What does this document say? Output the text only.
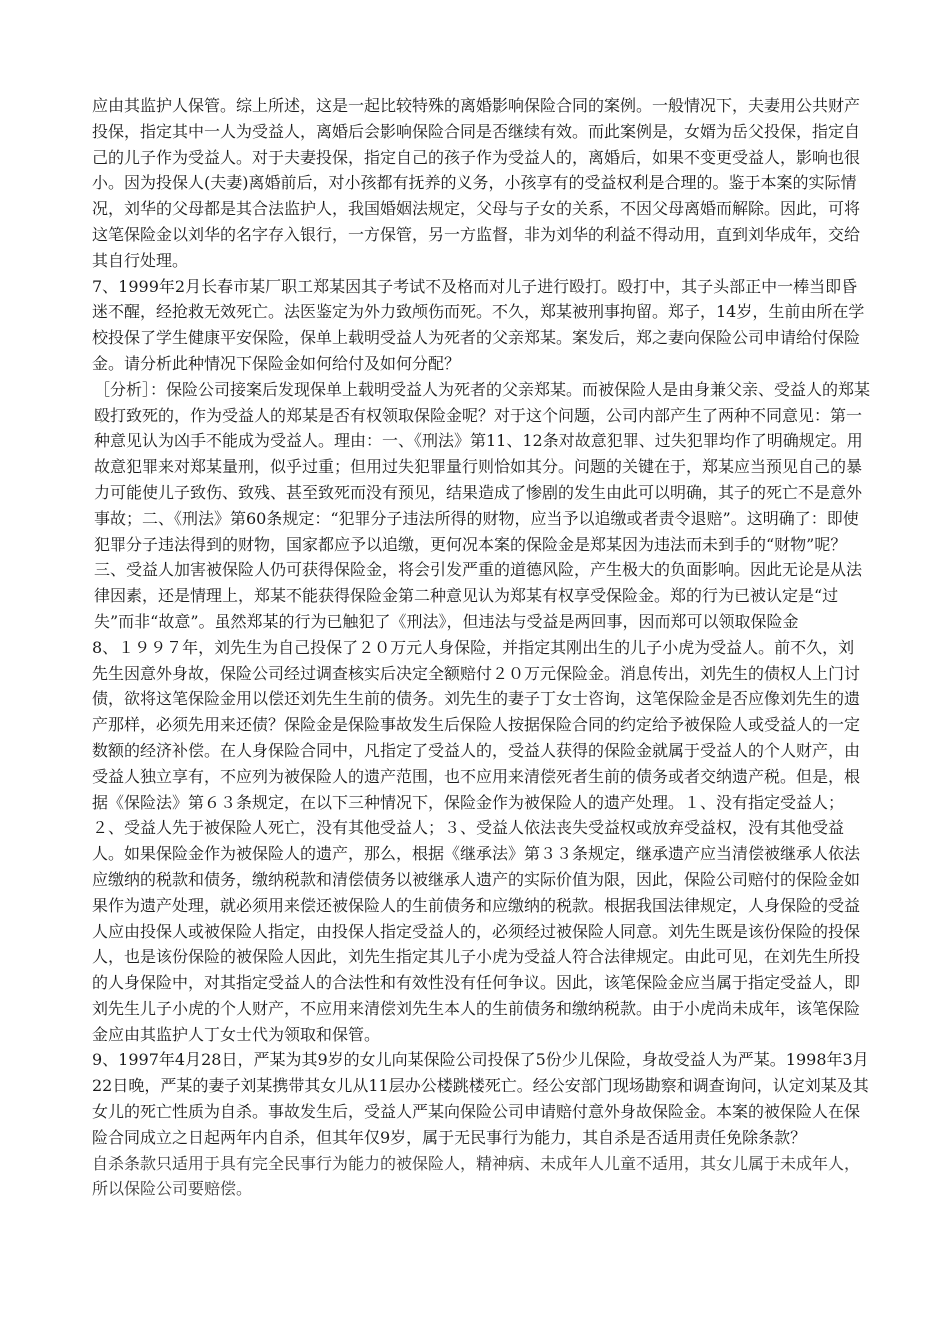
应由其监护人保管。综上所述，这是一起比较特殊的离婚影响保险合同的案例。一般情况下，夫妻用公共财产投保，指定其中一人为受益人，离婚后会影响保险合同是否继续有效。而此案例是，女婿为岳父投保，指定自己的儿子作为受益人。对于夫妻投保，指定自己的孩子作为受益人的，离婚后，如果不变更受益人，影响也很小。因为投保人(夫妻)离婚前后，对小孩都有抚养的义务，小孩享有的受益权利是合理的。鉴于本案的实际情况，刘华的父母都是其合法监护人，我国婚姻法规定，父母与子女的关系，不因父母离婚而解除。因此，可将这笔保险金以刘华的名字存入银行，一方保管，另一方监督，非为刘华的利益不得动用，直到刘华成年，交给其自行处理。

7、1999年2月长春市某厂职工郑某因其子考试不及格而对儿子进行殴打。殴打中，其子头部正中一棒当即昏迷不醒，经抢救无效死亡。法医鉴定为外力致颅伤而死。不久，郑某被刑事拘留。郑子，14岁，生前由所在学校投保了学生健康平安保险，保单上载明受益人为死者的父亲郑某。案发后，郑之妻向保险公司申请给付保险金。请分析此种情况下保险金如何给付及如何分配？

［分析］：保险公司接案后发现保单上载明受益人为死者的父亲郑某。而被保险人是由身兼父亲、受益人的郑某殴打致死的，作为受益人的郑某是否有权领取保险金呢？对于这个问题，公司内部产生了两种不同意见：第一种意见认为凶手不能成为受益人。理由：一、《刑法》第11、12条对故意犯罪、过失犯罪均作了明确规定。用故意犯罪来对郑某量刑，似乎过重；但用过失犯罪量行则恰如其分。问题的关键在于，郑某应当预见自己的暴力可能使儿子致伤、致残、甚至致死而没有预见，结果造成了惨剧的发生由此可以明确，其子的死亡不是意外事故；二、《刑法》第60条规定：“犯罪分子违法所得的财物，应当予以追缴或者责令退赔”。这明确了：即使犯罪分子违法得到的财物，国家都应予以追缴，更何况本案的保险金是郑某因为违法而未到手的“财物”呢？三、受益人加害被保险人仍可获得保险金，将会引发严重的道德风险，产生极大的负面影响。因此无论是从法律因素，还是情理上，郑某不能获得保险金第二种意见认为郑某有权享受保险金。郑的行为已被认定是“过失”而非“故意”。虽然郑某的行为已触犯了《刑法》，但违法与受益是两回事，因而郑可以领取保险金

8、１９９７年，刘先生为自己投保了２０万元人身保险，并指定其刚出生的儿子小虎为受益人。前不久，刘先生因意外身故，保险公司经过调查核实后决定全额赔付２０万元保险金。消息传出，刘先生的债权人上门讨债，欲将这笔保险金用以偿还刘先生生前的债务。刘先生的妻子丁女士咨询，这笔保险金是否应像刘先生的遗产那样，必须先用来还债？保险金是保险事故发生后保险人按据保险合同的约定给予被保险人或受益人的一定数额的经济补偿。在人身保险合同中，凡指定了受益人的，受益人获得的保险金就属于受益人的个人财产，由受益人独立享有，不应列为被保险人的遗产范围，也不应用来清偿死者生前的债务或者交纳遗产税。但是，根据《保险法》第６３条规定，在以下三种情况下，保险金作为被保险人的遗产处理。１、没有指定受益人；２、受益人先于被保险人死亡，没有其他受益人；３、受益人依法丧失受益权或放弃受益权，没有其他受益人。如果保险金作为被保险人的遗产，那么，根据《继承法》第３３条规定，继承遗产应当清偿被继承人依法应缴纳的税款和债务，缴纳税款和清偿债务以被继承人遗产的实际价值为限，因此，保险公司赔付的保险金如果作为遗产处理，就必须用来偿还被保险人的生前债务和应缴纳的税款。根据我国法律规定，人身保险的受益人应由投保人或被保险人指定，由投保人指定受益人的，必须经过被保险人同意。刘先生既是该份保险的投保人，也是该份保险的被保险人因此，刘先生指定其儿子小虎为受益人符合法律规定。由此可见，在刘先生所投的人身保险中，对其指定受益人的合法性和有效性没有任何争议。因此，该笔保险金应当属于指定受益人，即刘先生儿子小虎的个人财产，不应用来清偿刘先生本人的生前债务和缴纳税款。由于小虎尚未成年，该笔保险金应由其监护人丁女士代为领取和保管。

9、1997年4月28日，严某为其9岁的女儿向某保险公司投保了5份少儿保险，身故受益人为严某。1998年3月22日晚，严某的妻子刘某携带其女儿从11层办公楼跳楼死亡。经公安部门现场勘察和调查询问，认定刘某及其女儿的死亡性质为自杀。事故发生后，受益人严某向保险公司申请赔付意外身故保险金。本案的被保险人在保险合同成立之日起两年内自杀，但其年仅9岁，属于无民事行为能力，其自杀是否适用责任免除条款？

自杀条款只适用于具有完全民事行为能力的被保险人，精神病、未成年人儿童不适用，其女儿属于未成年人，所以保险公司要赔偿。
